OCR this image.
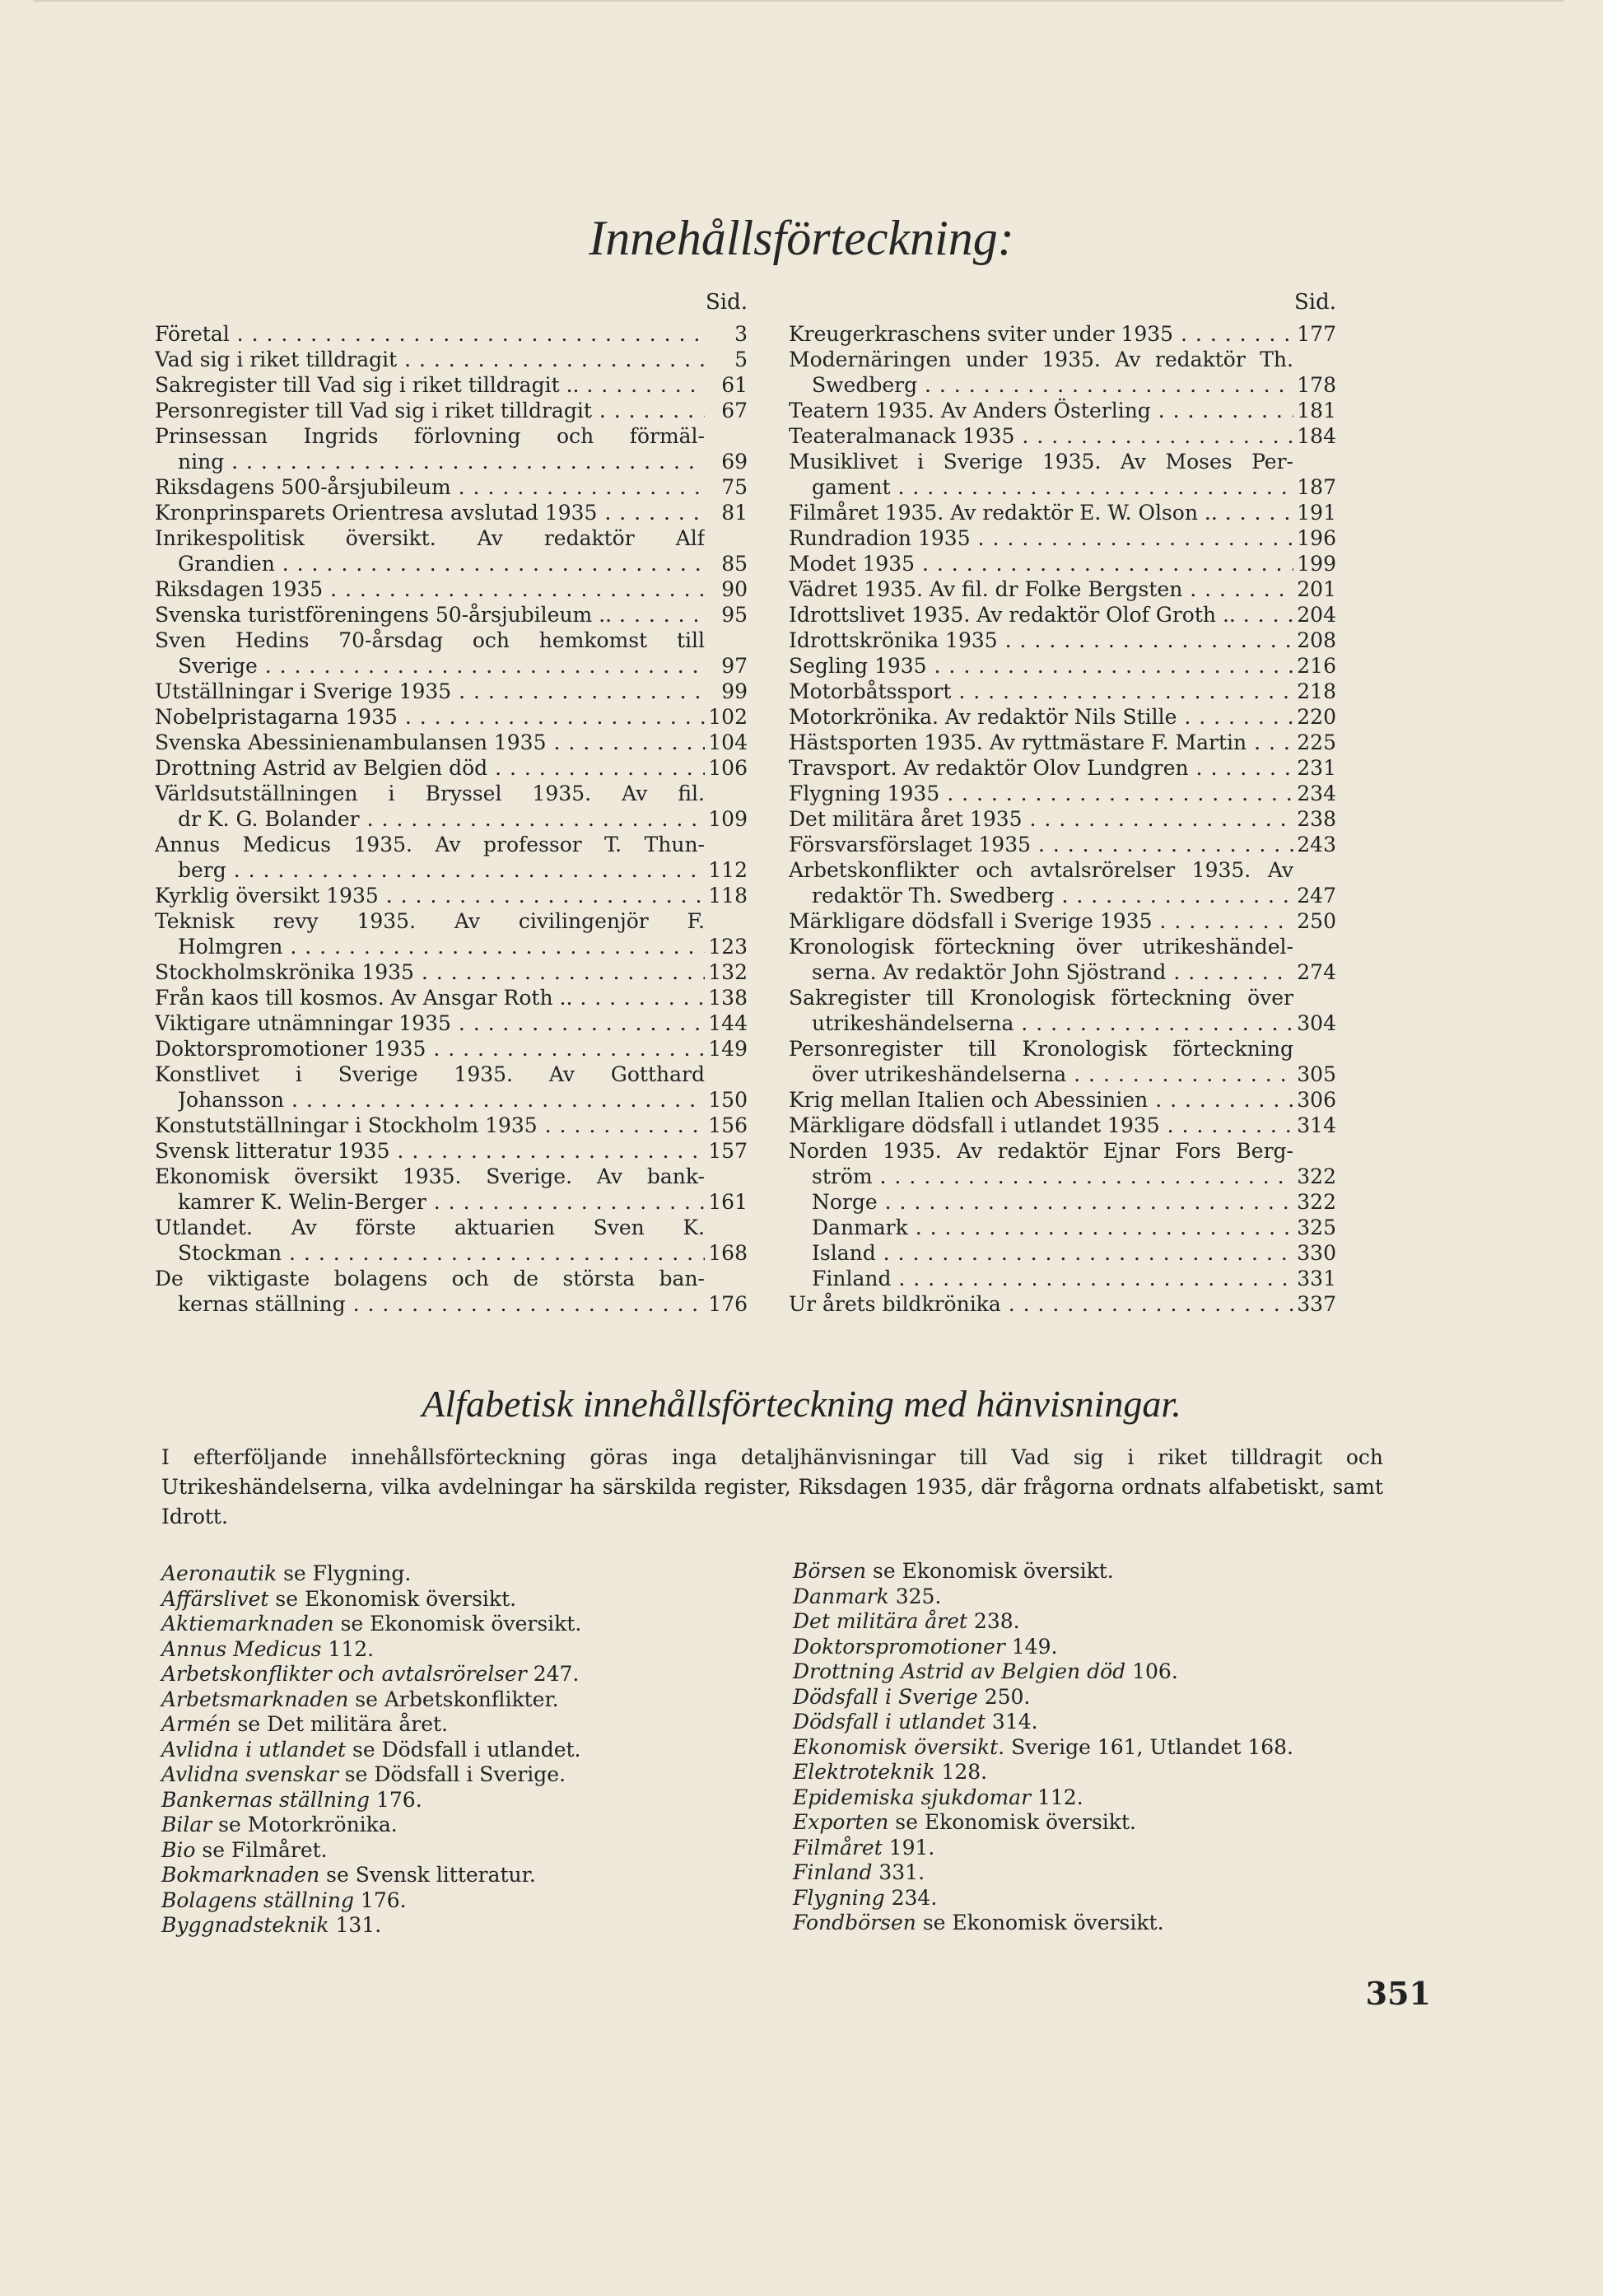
Innehållsförteckning:
Sid.
Företal . . .	3
Vad sig i riket tilldragit . . .	5
Sakregister till Vad sig i riket tilldragit .. . . .	61
Personregister till Vad sig i riket tilldragit . . .	67
Prinsessan Ingrids förlovning och förmäl-
ning . . .	69
Riksdagens 500-årsjubileum . . .	75
Kronprinsparets Orientresa avslutad 1935 . . .	81
Inrikespolitisk översikt. Av redaktör Alf
Grandien . . .	85
Riksdagen 1935 . . .	90
Svenska turistföreningens 50-årsjubileum .. . . .	95
Sven Hedins 70-årsdag och hemkomst till
Sverige . . .	97
Utställningar i Sverige 1935 . . .	99
Nobelpristagarna 1935 . . .	102
Svenska Abessinienambulansen 1935 . . .	104
Drottning Astrid av Belgien död . . .	106
Världsutställningen i Bryssel 1935. Av fil.
dr K. G. Bolander . . .	109
Annus Medicus 1935. Av professor T. Thun-
berg . . .	112
Kyrklig översikt 1935 . . .	118
Teknisk revy 1935. Av civilingenjör F.
Holmgren . . .	123
Stockholmskrönika 1935 . . .	132
Från kaos till kosmos. Av Ansgar Roth .. . . .	138
Viktigare utnämningar 1935 . . .	144
Doktorspromotioner 1935 . . .	149
Konstlivet i Sverige 1935. Av Gotthard
Johansson . . .	150
Konstutställningar i Stockholm 1935 . . .	156
Svensk litteratur 1935 . . .	157
Ekonomisk översikt 1935. Sverige. Av bank-
kamrer K. Welin-Berger . . .	161
Utlandet. Av förste aktuarien Sven K.
Stockman . . .	168
De viktigaste bolagens och de största ban-
kernas ställning . . .	176
Sid.
Kreugerkraschens sviter under 1935 . . .	177
Modernäringen under 1935. Av redaktör Th.
Swedberg . . .	178
Teatern 1935. Av Anders Österling . . .	181
Teateralmanack 1935 . . .	184
Musiklivet i Sverige 1935. Av Moses Per-
gament . . .	187
Filmåret 1935. Av redaktör E. W. Olson .. . . .	191
Rundradion 1935 . . .	196
Modet 1935 . . .	199
Vädret 1935. Av fil. dr Folke Bergsten . . .	201
Idrottslivet 1935. Av redaktör Olof Groth .. . . .	204
Idrottskrönika 1935 . . .	208
Segling 1935 . . .	216
Motorbåtssport . . .	218
Motorkrönika. Av redaktör Nils Stille . . .	220
Hästsporten 1935. Av ryttmästare F. Martin . . .	225
Travsport. Av redaktör Olov Lundgren . . .	231
Flygning 1935 . . .	234
Det militära året 1935 . . .	238
Försvarsförslaget 1935 . . .	243
Arbetskonflikter och avtalsrörelser 1935. Av
redaktör Th. Swedberg . . .	247
Märkligare dödsfall i Sverige 1935 . . .	250
Kronologisk förteckning över utrikeshändel-
serna. Av redaktör John Sjöstrand . . .	274
Sakregister till Kronologisk förteckning över
utrikeshändelserna . . .	304
Personregister till Kronologisk förteckning
över utrikeshändelserna . . .	305
Krig mellan Italien och Abessinien . . .	306
Märkligare dödsfall i utlandet 1935 . . .	314
Norden 1935. Av redaktör Ejnar Fors Berg-
ström . . .	322
Norge . . .	322
Danmark . . .	325
Island . . .	330
Finland . . .	331
Ur årets bildkrönika . . .	337
Alfabetisk innehållsförteckning med hänvisningar.
I efterföljande innehållsförteckning göras inga detaljhänvisningar till Vad sig i riket tilldragit och Utrikeshändelserna, vilka avdelningar ha särskilda register, Riksdagen 1935, där frågorna ordnats alfabetiskt, samt Idrott.
Aeronautik se Flygning.
Affärslivet se Ekonomisk översikt.
Aktiemarknaden se Ekonomisk översikt.
Annus Medicus 112.
Arbetskonflikter och avtalsrörelser 247.
Arbetsmarknaden se Arbetskonflikter.
Armén se Det militära året.
Avlidna i utlandet se Dödsfall i utlandet.
Avlidna svenskar se Dödsfall i Sverige.
Bankernas ställning 176.
Bilar se Motorkrönika.
Bio se Filmåret.
Bokmarknaden se Svensk litteratur.
Bolagens ställning 176.
Byggnadsteknik 131.
Börsen se Ekonomisk översikt.
Danmark 325.
Det militära året 238.
Doktorspromotioner 149.
Drottning Astrid av Belgien död 106.
Dödsfall i Sverige 250.
Dödsfall i utlandet 314.
Ekonomisk översikt. Sverige 161, Utlandet 168.
Elektroteknik 128.
Epidemiska sjukdomar 112.
Exporten se Ekonomisk översikt.
Filmåret 191.
Finland 331.
Flygning 234.
Fondbörsen se Ekonomisk översikt.
351
